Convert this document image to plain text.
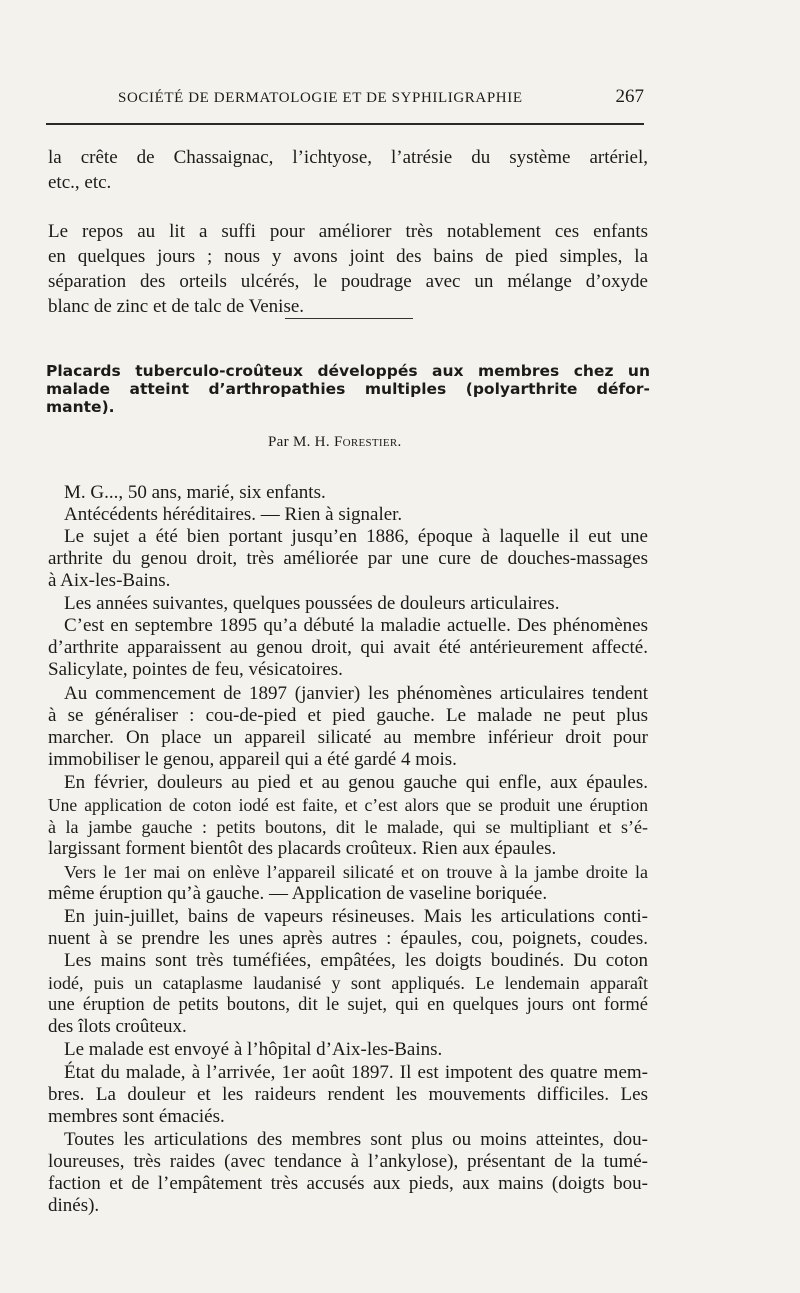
SOCIÉTÉ DE DERMATOLOGIE ET DE SYPHILIGRAPHIE	267
la crête de Chassaignac, l’ichtyose, l’atrésie du système artériel,
etc., etc.
Le repos au lit a suffi pour améliorer très notablement ces enfants
en quelques jours ; nous y avons joint des bains de pied simples, la
séparation des orteils ulcérés, le poudrage avec un mélange d’oxyde
blanc de zinc et de talc de Venise.
Placards tuberculo-croûteux développés aux membres chez un
malade atteint d’arthropathies multiples (polyarthrite défor-
mante).
Par M. H. Forestier.
M. G..., 50 ans, marié, six enfants.
Antécédents héréditaires. — Rien à signaler.
Le sujet a été bien portant jusqu’en 1886, époque à laquelle il eut une
arthrite du genou droit, très améliorée par une cure de douches-massages
à Aix-les-Bains.
Les années suivantes, quelques poussées de douleurs articulaires.
C’est en septembre 1895 qu’a débuté la maladie actuelle. Des phénomènes
d’arthrite apparaissent au genou droit, qui avait été antérieurement affecté.
Salicylate, pointes de feu, vésicatoires.
Au commencement de 1897 (janvier) les phénomènes articulaires tendent
à se généraliser : cou-de-pied et pied gauche. Le malade ne peut plus
marcher. On place un appareil silicaté au membre inférieur droit pour
immobiliser le genou, appareil qui a été gardé 4 mois.
En février, douleurs au pied et au genou gauche qui enfle, aux épaules.
Une application de coton iodé est faite, et c’est alors que se produit une éruption
à la jambe gauche : petits boutons, dit le malade, qui se multipliant et s’é-
largissant forment bientôt des placards croûteux. Rien aux épaules.
Vers le 1er mai on enlève l’appareil silicaté et on trouve à la jambe droite la
même éruption qu’à gauche. — Application de vaseline boriquée.
En juin-juillet, bains de vapeurs résineuses. Mais les articulations conti-
nuent à se prendre les unes après autres : épaules, cou, poignets, coudes.
Les mains sont très tuméfiées, empâtées, les doigts boudinés. Du coton
iodé, puis un cataplasme laudanisé y sont appliqués. Le lendemain apparaît
une éruption de petits boutons, dit le sujet, qui en quelques jours ont formé
des îlots croûteux.
Le malade est envoyé à l’hôpital d’Aix-les-Bains.
État du malade, à l’arrivée, 1er août 1897. Il est impotent des quatre mem-
bres. La douleur et les raideurs rendent les mouvements difficiles. Les
membres sont émaciés.
Toutes les articulations des membres sont plus ou moins atteintes, dou-
loureuses, très raides (avec tendance à l’ankylose), présentant de la tumé-
faction et de l’empâtement très accusés aux pieds, aux mains (doigts bou-
dinés).
